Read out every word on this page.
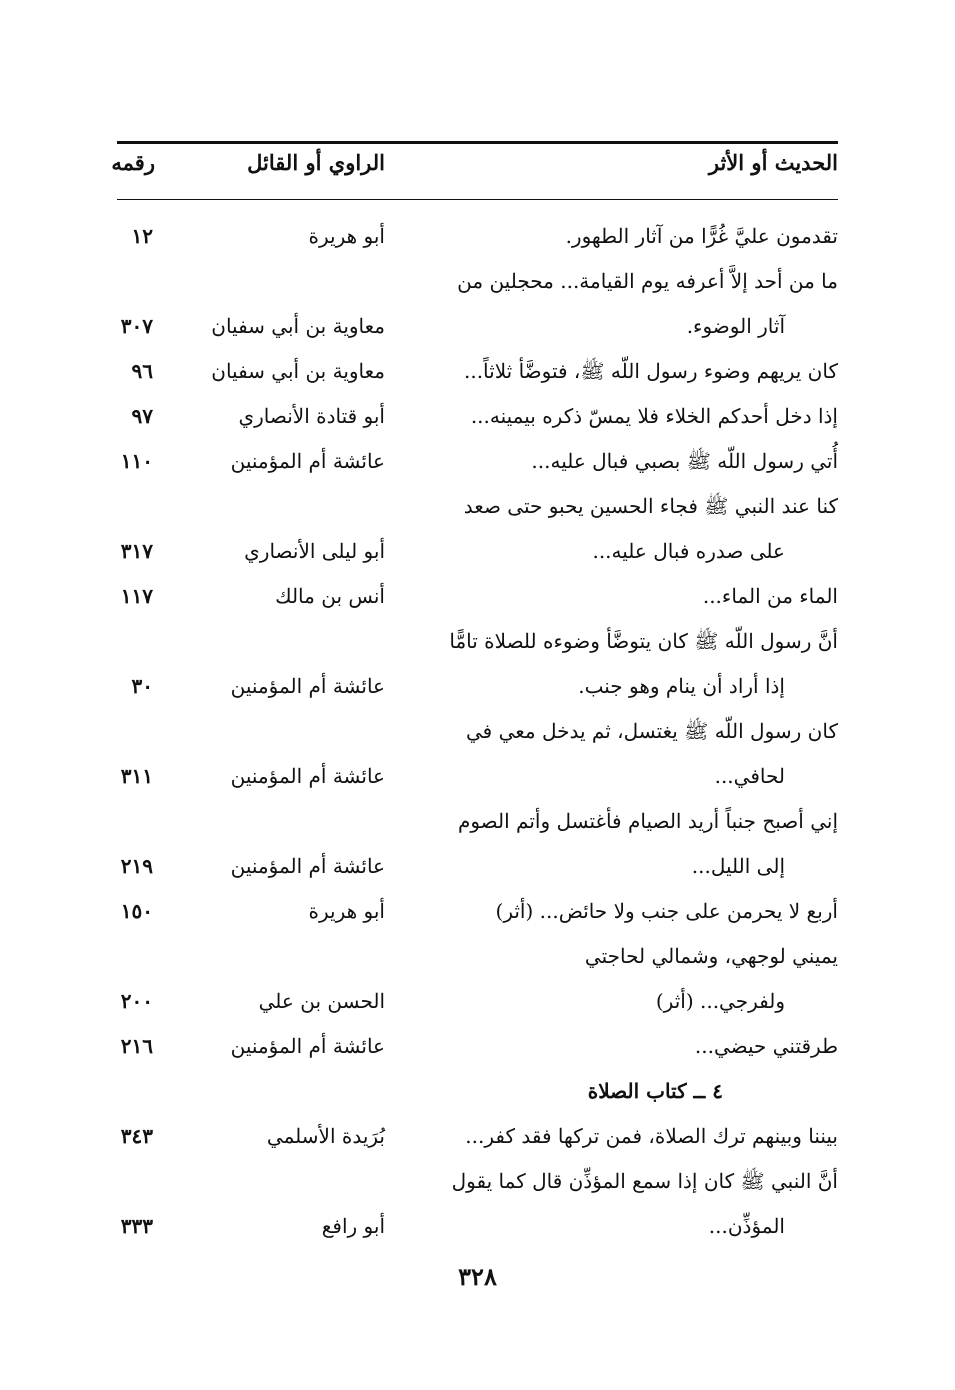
الحديث أو الأثر
الراوي أو القائل
رقمه
تقدمون عليَّ غُرًّا من آثار الطهور.
أبو هريرة
١٢
ما من أحد إلاَّ أعرفه يوم القيامة... محجلين من
آثار الوضوء.
معاوية بن أبي سفيان
٣٠٧
كان يريهم وضوء رسول اللّه ﷺ، فتوضَّأ ثلاثاً...
معاوية بن أبي سفيان
٩٦
إذا دخل أحدكم الخلاء فلا يمسّ ذكره بيمينه...
أبو قتادة الأنصاري
٩٧
أُتي رسول اللّه ﷺ بصبي فبال عليه...
عائشة أم المؤمنين
١١٠
كنا عند النبي ﷺ فجاء الحسين يحبو حتى صعد
على صدره فبال عليه...
أبو ليلى الأنصاري
٣١٧
الماء من الماء...
أنس بن مالك
١١٧
أنَّ رسول اللّه ﷺ كان يتوضَّأ وضوءه للصلاة تامًّا
إذا أراد أن ينام وهو جنب.
عائشة أم المؤمنين
٣٠
كان رسول اللّه ﷺ يغتسل، ثم يدخل معي في
لحافي...
عائشة أم المؤمنين
٣١١
إني أصبح جنباً أريد الصيام فأغتسل وأتم الصوم
إلى الليل...
عائشة أم المؤمنين
٢١٩
أربع لا يحرمن على جنب ولا حائض... (أثر)
أبو هريرة
١٥٠
يميني لوجهي، وشمالي لحاجتي
ولفرجي... (أثر)
الحسن بن علي
٢٠٠
طرقتني حيضي...
عائشة أم المؤمنين
٢١٦
٤ ــ كتاب الصلاة
بيننا وبينهم ترك الصلاة، فمن تركها فقد كفر...
بُرَيدة الأسلمي
٣٤٣
أنَّ النبي ﷺ كان إذا سمع المؤذِّن قال كما يقول
المؤذِّن...
أبو رافع
٣٣٣
٣٢٨
